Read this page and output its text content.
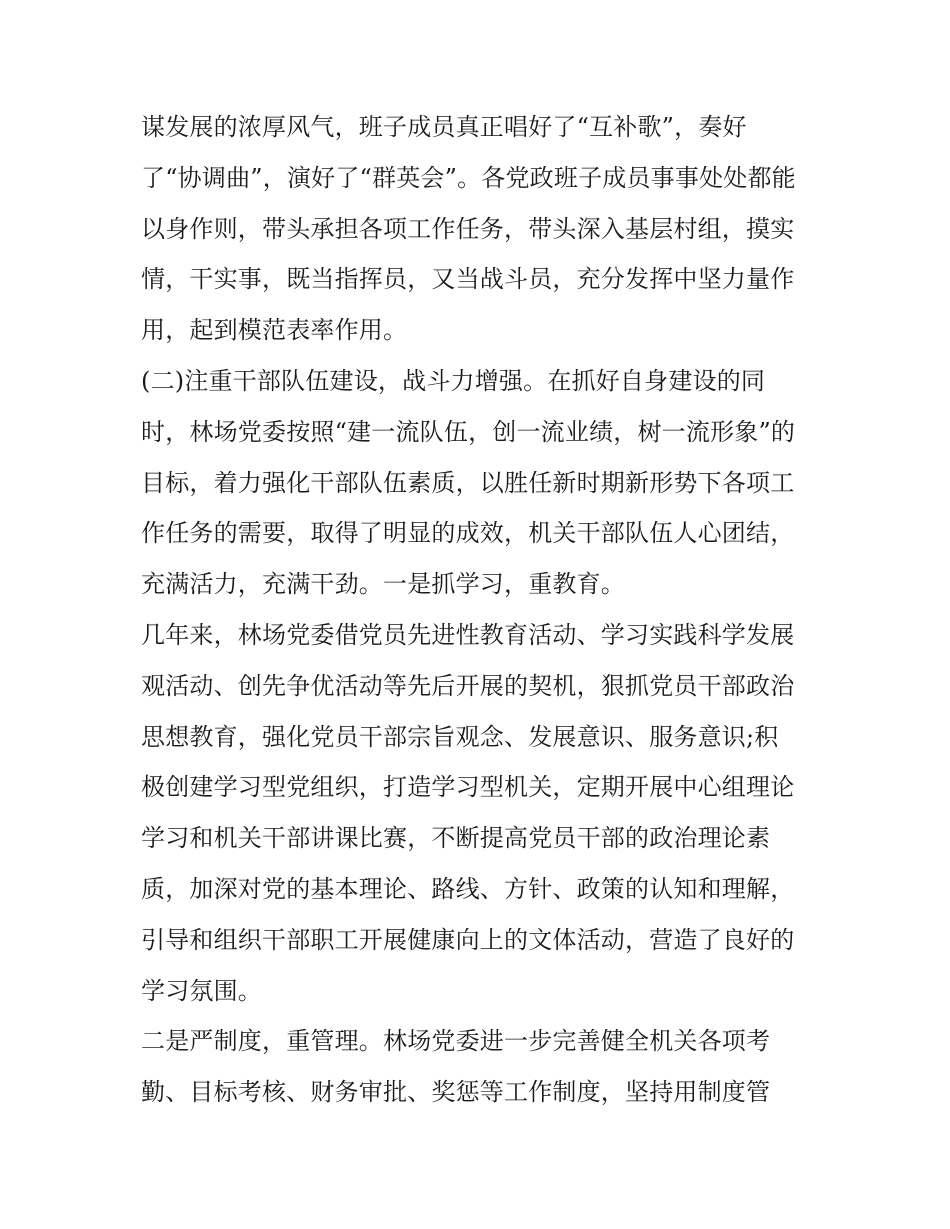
谋发展的浓厚风气，班子成员真正唱好了“互补歌”，奏好
了“协调曲”，演好了“群英会”。各党政班子成员事事处处都能
以身作则，带头承担各项工作任务，带头深入基层村组，摸实
情，干实事，既当指挥员，又当战斗员，充分发挥中坚力量作
用，起到模范表率作用。
(二)注重干部队伍建设，战斗力增强。在抓好自身建设的同
时，林场党委按照“建一流队伍，创一流业绩，树一流形象”的
目标，着力强化干部队伍素质，以胜任新时期新形势下各项工
作任务的需要，取得了明显的成效，机关干部队伍人心团结，
充满活力，充满干劲。一是抓学习，重教育。
几年来，林场党委借党员先进性教育活动、学习实践科学发展
观活动、创先争优活动等先后开展的契机，狠抓党员干部政治
思想教育，强化党员干部宗旨观念、发展意识、服务意识;积
极创建学习型党组织，打造学习型机关，定期开展中心组理论
学习和机关干部讲课比赛，不断提高党员干部的政治理论素
质，加深对党的基本理论、路线、方针、政策的认知和理解，
引导和组织干部职工开展健康向上的文体活动，营造了良好的
学习氛围。
二是严制度，重管理。林场党委进一步完善健全机关各项考
勤、目标考核、财务审批、奖惩等工作制度，坚持用制度管
